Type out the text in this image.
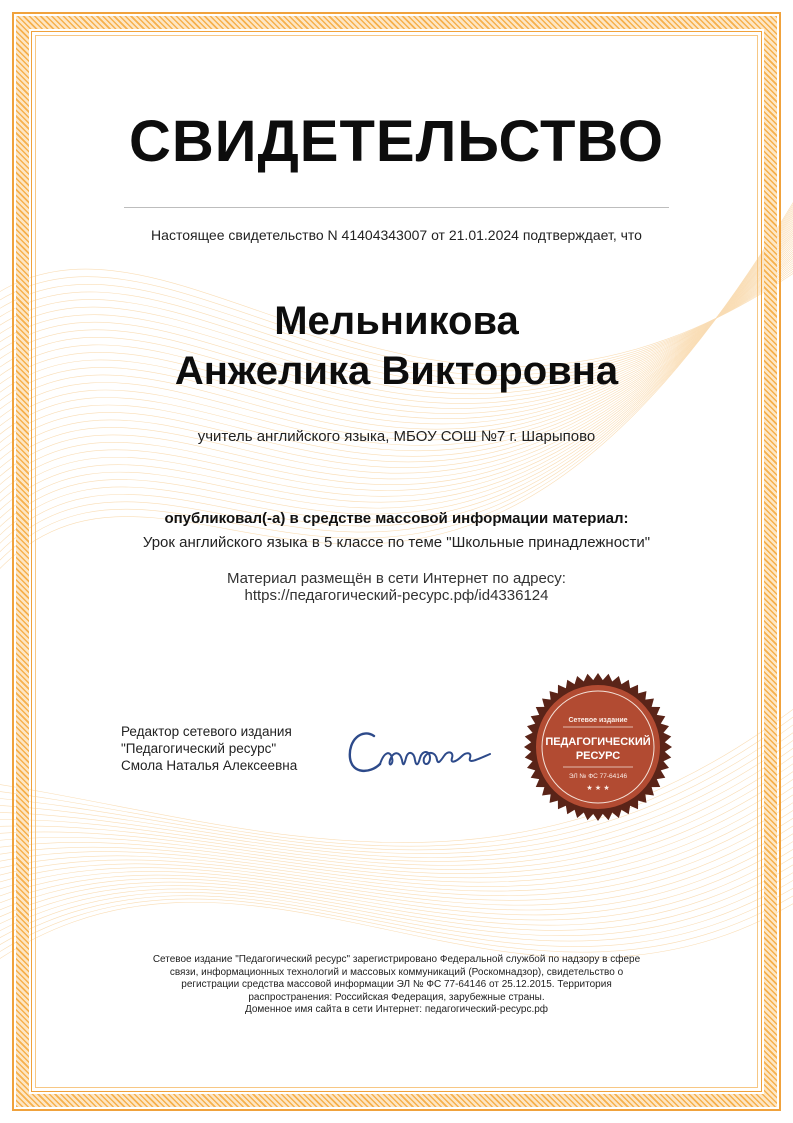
СВИДЕТЕЛЬСТВО
Настоящее свидетельство N 41404343007 от 21.01.2024 подтверждает, что
Мельникова
Анжелика Викторовна
учитель английского языка, МБОУ СОШ №7 г. Шарыпово
опубликовал(-а) в средстве массовой информации материал:
Урок английского языка в 5 классе по теме "Школьные принадлежности"
Материал размещён в сети Интернет по адресу:
https://педагогический-ресурс.рф/id4336124
Редактор сетевого издания
"Педагогический ресурс"
Смола Наталья Алексеевна
Сетевое издание
ПЕДАГОГИЧЕСКИЙ
РЕСУРС
ЭЛ № ФС 77-64146
★ ★ ★
Сетевое издание "Педагогический ресурс" зарегистрировано Федеральной службой по надзору в сфере
связи, информационных технологий и массовых коммуникаций (Роскомнадзор), свидетельство о
регистрации средства массовой информации ЭЛ № ФС 77-64146 от 25.12.2015. Территория
распространения: Российская Федерация, зарубежные страны.
Доменное имя сайта в сети Интернет: педагогический-ресурс.рф
